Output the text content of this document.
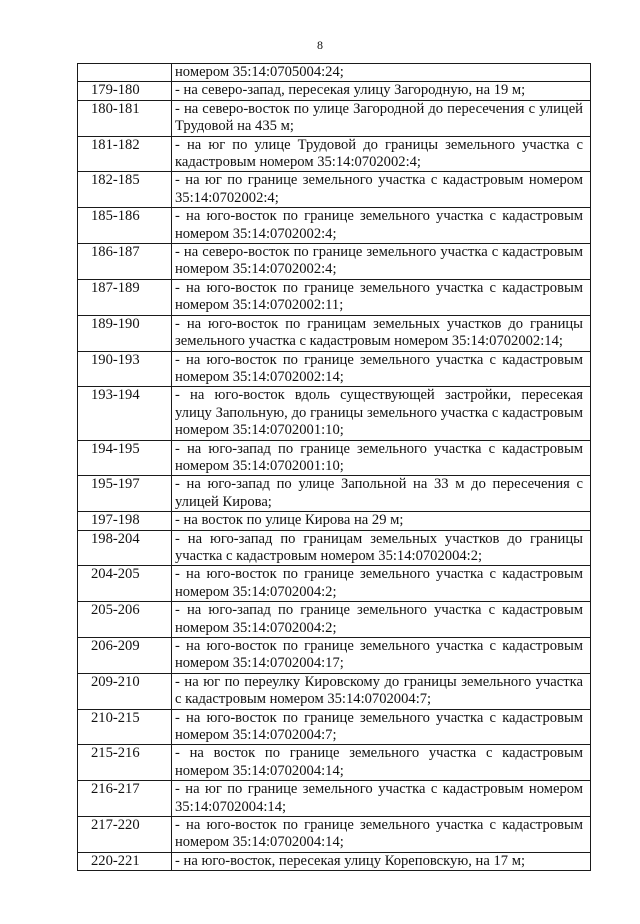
8
	номером 35:14:0705004:24;
179-180	- на северо-запад, пересекая улицу Загородную, на 19 м;
180-181	- на северо-восток по улице Загородной до пересечения с улицей Трудовой на 435 м;
181-182	- на юг по улице Трудовой до границы земельного участка с кадастровым номером 35:14:0702002:4;
182-185	- на юг по границе земельного участка с кадастровым номером 35:14:0702002:4;
185-186	- на юго-восток по границе земельного участка с кадастровым номером 35:14:0702002:4;
186-187	- на северо-восток по границе земельного участка с кадастровым номером 35:14:0702002:4;
187-189	- на юго-восток по границе земельного участка с кадастровым номером 35:14:0702002:11;
189-190	- на юго-восток по границам земельных участков до границы земельного участка с кадастровым номером 35:14:0702002:14;
190-193	- на юго-восток по границе земельного участка с кадастровым номером 35:14:0702002:14;
193-194	- на юго-восток вдоль существующей застройки, пересекая улицу Запольную, до границы земельного участка с кадастровым номером 35:14:0702001:10;
194-195	- на юго-запад по границе земельного участка с кадастровым номером 35:14:0702001:10;
195-197	- на юго-запад по улице Запольной на 33 м до пересечения с улицей Кирова;
197-198	- на восток по улице Кирова на 29 м;
198-204	- на юго-запад по границам земельных участков до границы участка с кадастровым номером 35:14:0702004:2;
204-205	- на юго-восток по границе земельного участка с кадастровым номером 35:14:0702004:2;
205-206	- на юго-запад по границе земельного участка с кадастровым номером 35:14:0702004:2;
206-209	- на юго-восток по границе земельного участка с кадастровым номером 35:14:0702004:17;
209-210	- на юг по переулку Кировскому до границы земельного участка с кадастровым номером 35:14:0702004:7;
210-215	- на юго-восток по границе земельного участка с кадастровым номером 35:14:0702004:7;
215-216	- на восток по границе земельного участка с кадастровым номером 35:14:0702004:14;
216-217	- на юг по границе земельного участка с кадастровым номером 35:14:0702004:14;
217-220	- на юго-восток по границе земельного участка с кадастровым номером 35:14:0702004:14;
220-221	- на юго-восток, пересекая улицу Кореповскую, на 17 м;
